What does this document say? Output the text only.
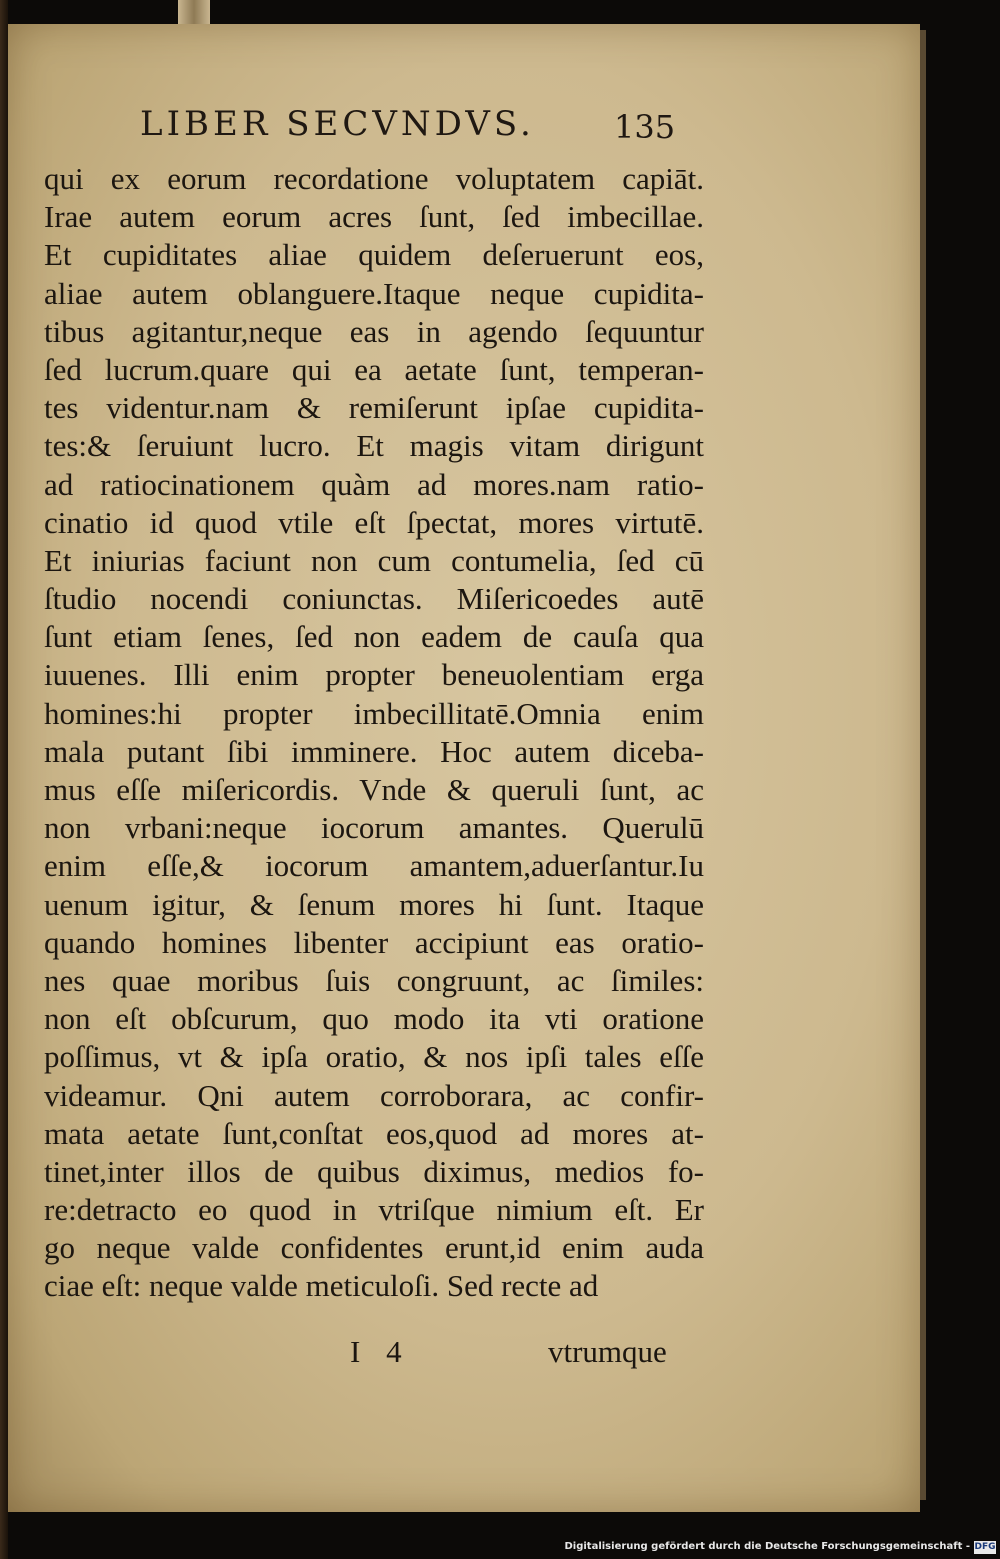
LIBER SECVNDVS. 135
qui ex eorum recordatione voluptatem capiāt.
Irae autem eorum acres ſunt, ſed imbecillae.
Et cupiditates aliae quidem deſeruerunt eos,
aliae autem oblanguere.Itaque neque cupidita-
tibus agitantur,neque eas in agendo ſequuntur
ſed lucrum.quare qui ea aetate ſunt, temperan-
tes videntur.nam & remiſerunt ipſae cupidita-
tes:& ſeruiunt lucro. Et magis vitam dirigunt
ad ratiocinationem quàm ad mores.nam ratio-
cinatio id quod vtile eſt ſpectat, mores virtutē.
Et iniurias faciunt non cum contumelia, ſed cū
ſtudio nocendi coniunctas. Miſericoedes autē
ſunt etiam ſenes, ſed non eadem de cauſa qua
iuuenes. Illi enim propter beneuolentiam erga
homines:hi propter imbecillitatē.Omnia enim
mala putant ſibi imminere. Hoc autem diceba-
mus eſſe miſericordis. Vnde & queruli ſunt, ac
non vrbani:neque iocorum amantes. Querulū
enim eſſe,& iocorum amantem,aduerſantur.Iu
uenum igitur, & ſenum mores hi ſunt. Itaque
quando homines libenter accipiunt eas oratio-
nes quae moribus ſuis congruunt, ac ſimiles:
non eſt obſcurum, quo modo ita vti oratione
poſſimus, vt & ipſa oratio, & nos ipſi tales eſſe
videamur. Qni autem corroborara, ac confir-
mata aetate ſunt,conſtat eos,quod ad mores at-
tinet,inter illos de quibus diximus, medios fo-
re:detracto eo quod in vtriſque nimium eſt. Er
go neque valde confidentes erunt,id enim auda
ciae eſt: neque valde meticuloſi. Sed recte ad
I 4	vtrumque
Digitalisierung gefördert durch die Deutsche Forschungsgemeinschaft - DFG
